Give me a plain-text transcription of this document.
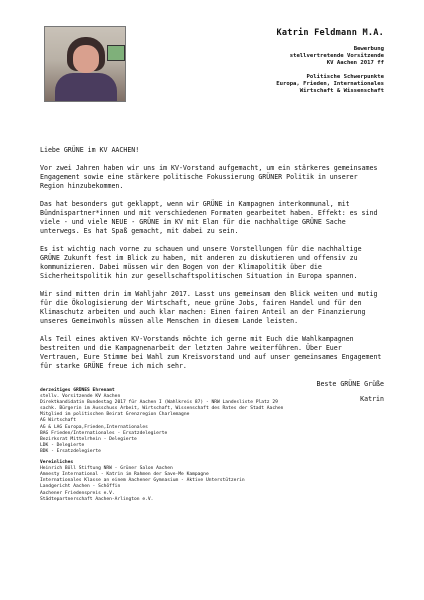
Katrin Feldmann M.A.
Bewerbung
stellvertretende Vorsitzende
KV Aachen 2017 ff
Politische Schwerpunkte
Europa, Frieden, Internationales
Wirtschaft & Wissenschaft

Liebe GRÜNE im KV AACHEN!

Vor zwei Jahren haben wir uns im KV-Vorstand aufgemacht, um ein stärkeres gemeinsames Engagement sowie eine stärkere politische Fokussierung GRÜNER Politik in unserer Region hinzubekommen.

Das hat besonders gut geklappt, wenn wir GRÜNE in Kampagnen interkommunal, mit Bündnispartner*innen und mit verschiedenen Formaten gearbeitet haben. Effekt: es sind viele - und viele NEUE - GRÜNE im KV mit Elan für die nachhaltige GRÜNE Sache unterwegs. Es hat Spaß gemacht, mit dabei zu sein.

Es ist wichtig nach vorne zu schauen und unsere Vorstellungen für die nachhaltige GRÜNE Zukunft fest im Blick zu haben, mit anderen zu diskutieren und offensiv zu kommunizieren. Dabei müssen wir den Bogen von der Klimapolitik über die Sicherheitspolitik hin zur gesellschaftspolitischen Situation in Europa spannen.

Wir sind mitten drin im Wahljahr 2017. Lasst uns gemeinsam den Blick weiten und mutig für die Ökologisierung der Wirtschaft, neue grüne Jobs, fairen Handel und für den Klimaschutz arbeiten und auch klar machen: Einen fairen Anteil an der Finanzierung unseres Gemeinwohls müssen alle Menschen in diesem Lande leisten.

Als Teil eines aktiven KV-Vorstands möchte ich gerne mit Euch die Wahlkampagnen bestreiten und die Kampagnenarbeit der letzten Jahre weiterführen. Über Euer Vertrauen, Eure Stimme bei Wahl zum Kreisvorstand und auf unser gemeinsames Engagement für starke GRÜNE freue ich mich sehr.

Beste GRÜNE Grüße

Katrin

derzeitiges GRÜNES Ehrenamt
stellv. Vorsitzende KV Aachen
Direktkandidatin Bundestag 2017 für Aachen I (Wahlkreis 87) - NRW Landesliste Platz 29
sachk. Bürgerin im Ausschuss Arbeit, Wirtschaft, Wissenschaft des Rates der Stadt Aachen
Mitglied im politischen Beirat Grenzregion Charlemagne
AG Wirtschaft
AG & LAG Europa,Frieden,Internationales
BAG Frieden/Internationales - Ersatzdelegierte
Bezirksrat Mittelrhein - Delegierte
LDK - Delegierte
BDK - Ersatzdelegierte
Vereinliches
Heinrich Böll Stiftung NRW - Grüner Salon Aachen
Amnesty International - Katrin im Rahmen der Save-Me Kampagne
Internationales Klasse an einem Aachener Gymnasium - Aktive Unterstützerin
Landgericht Aachen - Schöffin
Aachener Friedenspreis e.V.
Städtepartnerschaft Aachen-Arlington e.V.
